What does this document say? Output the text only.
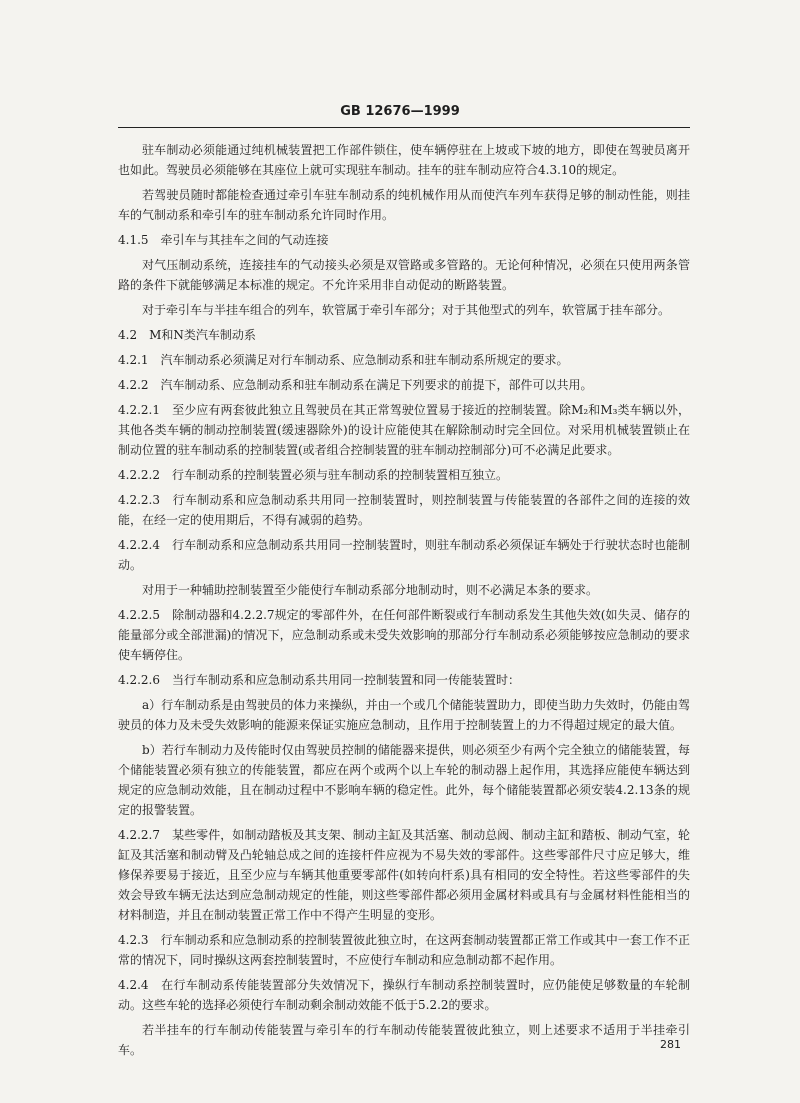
GB 12676—1999

驻车制动必须能通过纯机械装置把工作部件锁住，使车辆停驻在上坡或下坡的地方，即使在驾驶员离开也如此。驾驶员必须能够在其座位上就可实现驻车制动。挂车的驻车制动应符合4.3.10的规定。

若驾驶员随时都能检查通过牵引车驻车制动系的纯机械作用从而使汽车列车获得足够的制动性能，则挂车的气制动系和牵引车的驻车制动系允许同时作用。

4.1.5　牵引车与其挂车之间的气动连接

对气压制动系统，连接挂车的气动接头必须是双管路或多管路的。无论何种情况，必须在只使用两条管路的条件下就能够满足本标准的规定。不允许采用非自动促动的断路装置。

对于牵引车与半挂车组合的列车，软管属于牵引车部分；对于其他型式的列车，软管属于挂车部分。

4.2　M和N类汽车制动系

4.2.1　汽车制动系必须满足对行车制动系、应急制动系和驻车制动系所规定的要求。

4.2.2　汽车制动系、应急制动系和驻车制动系在满足下列要求的前提下，部件可以共用。

4.2.2.1　至少应有两套彼此独立且驾驶员在其正常驾驶位置易于接近的控制装置。除M₂和M₃类车辆以外，其他各类车辆的制动控制装置(缓速器除外)的设计应能使其在解除制动时完全回位。对采用机械装置锁止在制动位置的驻车制动系的控制装置(或者组合控制装置的驻车制动控制部分)可不必满足此要求。

4.2.2.2　行车制动系的控制装置必须与驻车制动系的控制装置相互独立。

4.2.2.3　行车制动系和应急制动系共用同一控制装置时，则控制装置与传能装置的各部件之间的连接的效能，在经一定的使用期后，不得有减弱的趋势。

4.2.2.4　行车制动系和应急制动系共用同一控制装置时，则驻车制动系必须保证车辆处于行驶状态时也能制动。

对用于一种辅助控制装置至少能使行车制动系部分地制动时，则不必满足本条的要求。

4.2.2.5　除制动器和4.2.2.7规定的零部件外，在任何部件断裂或行车制动系发生其他失效(如失灵、储存的能量部分或全部泄漏)的情况下，应急制动系或未受失效影响的那部分行车制动系必须能够按应急制动的要求使车辆停住。

4.2.2.6　当行车制动系和应急制动系共用同一控制装置和同一传能装置时：

a）行车制动系是由驾驶员的体力来操纵，并由一个或几个储能装置助力，即使当助力失效时，仍能由驾驶员的体力及未受失效影响的能源来保证实施应急制动，且作用于控制装置上的力不得超过规定的最大值。

b）若行车制动力及传能时仅由驾驶员控制的储能器来提供，则必须至少有两个完全独立的储能装置，每个储能装置必须有独立的传能装置，都应在两个或两个以上车轮的制动器上起作用，其选择应能使车辆达到规定的应急制动效能，且在制动过程中不影响车辆的稳定性。此外，每个储能装置都必须安装4.2.13条的规定的报警装置。

4.2.2.7　某些零件，如制动踏板及其支架、制动主缸及其活塞、制动总阀、制动主缸和踏板、制动气室，轮缸及其活塞和制动臂及凸轮轴总成之间的连接杆件应视为不易失效的零部件。这些零部件尺寸应足够大，维修保养要易于接近，且至少应与车辆其他重要零部件(如转向杆系)具有相同的安全特性。若这些零部件的失效会导致车辆无法达到应急制动规定的性能，则这些零部件都必须用金属材料或具有与金属材料性能相当的材料制造，并且在制动装置正常工作中不得产生明显的变形。

4.2.3　行车制动系和应急制动系的控制装置彼此独立时，在这两套制动装置都正常工作或其中一套工作不正常的情况下，同时操纵这两套控制装置时，不应使行车制动和应急制动都不起作用。

4.2.4　在行车制动系传能装置部分失效情况下，操纵行车制动系控制装置时，应仍能使足够数量的车轮制动。这些车轮的选择必须使行车制动剩余制动效能不低于5.2.2的要求。

若半挂车的行车制动传能装置与牵引车的行车制动传能装置彼此独立，则上述要求不适用于半挂牵引车。	281
